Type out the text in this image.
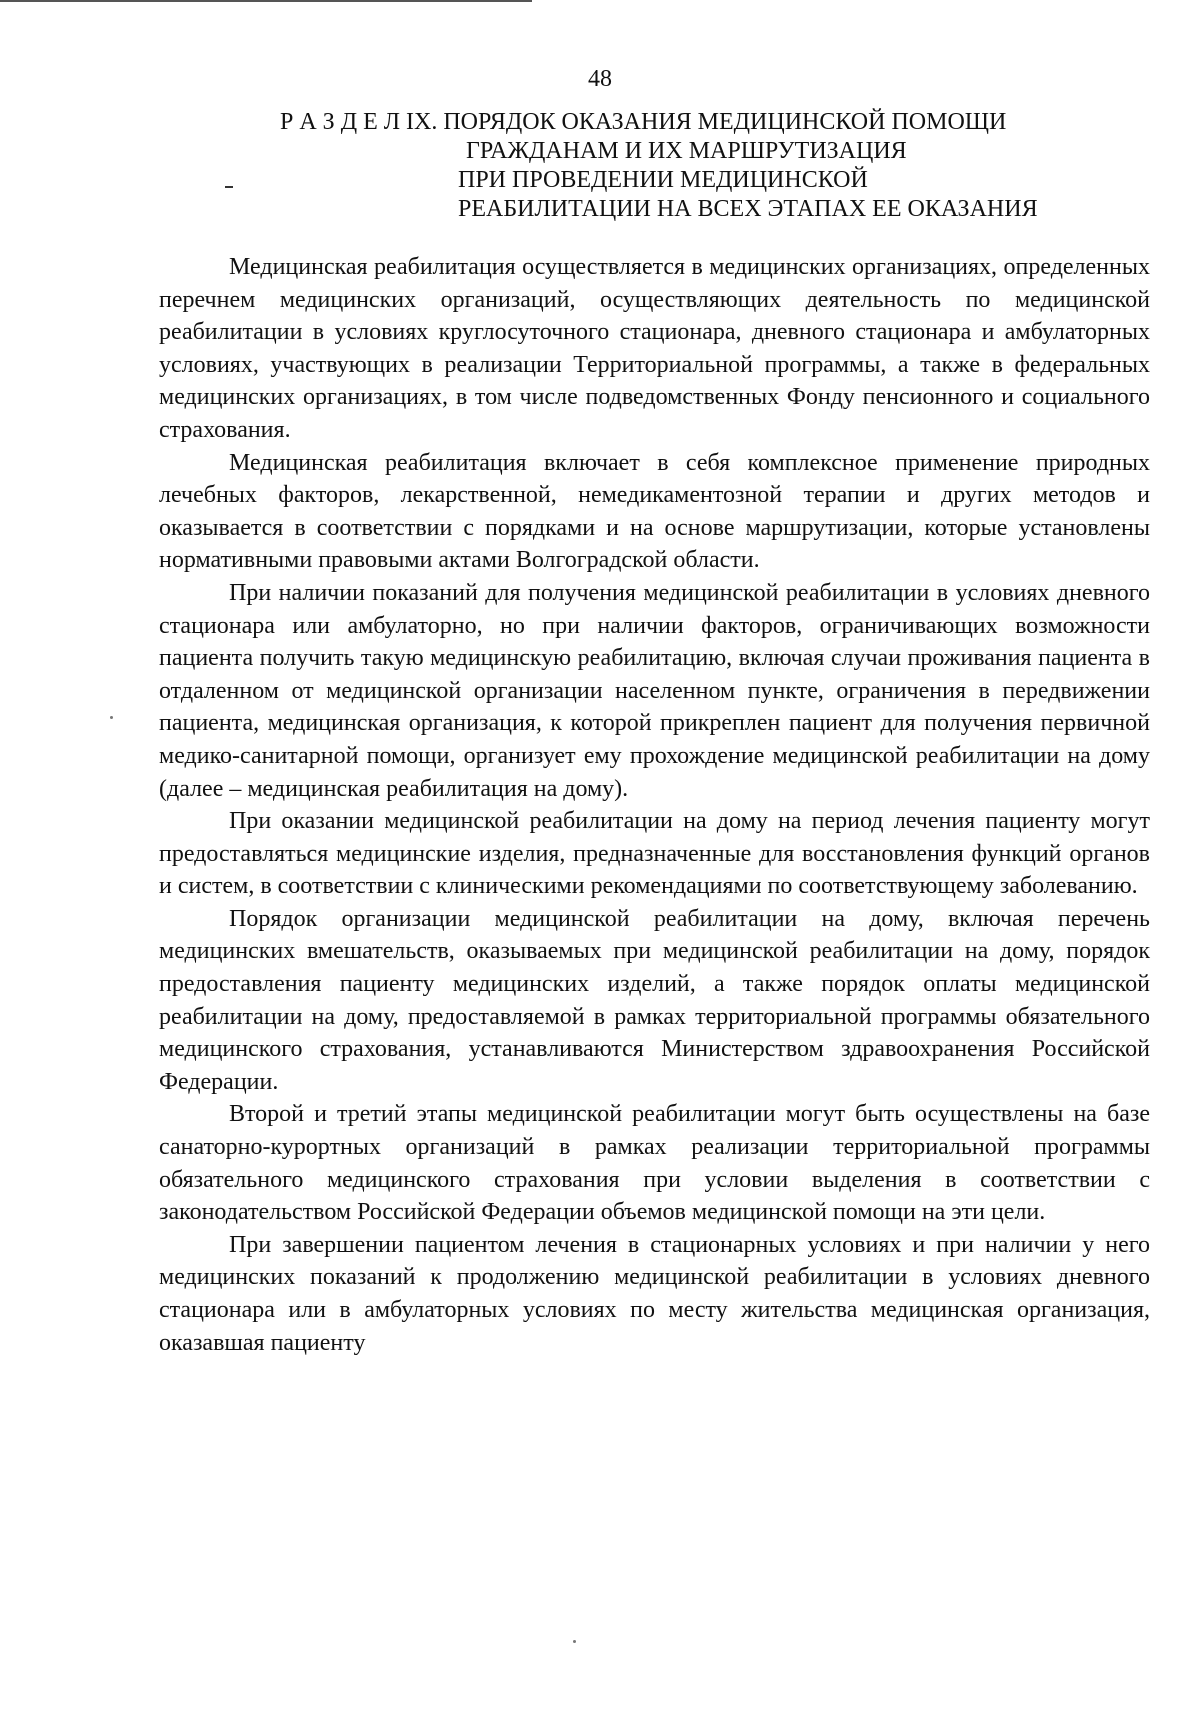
48
Р А З Д Е Л IX. ПОРЯДОК ОКАЗАНИЯ МЕДИЦИНСКОЙ ПОМОЩИ
ГРАЖДАНАМ И ИХ МАРШРУТИЗАЦИЯ
ПРИ ПРОВЕДЕНИИ МЕДИЦИНСКОЙ
РЕАБИЛИТАЦИИ НА ВСЕХ ЭТАПАХ ЕЕ ОКАЗАНИЯ

Медицинская реабилитация осуществляется в медицинских организациях, определенных перечнем медицинских организаций, осуществляющих деятельность по медицинской реабилитации в условиях круглосуточного стационара, дневного стационара и амбулаторных условиях, участвующих в реализации Территориальной программы, а также в федеральных медицинских организациях, в том числе подведомственных Фонду пенсионного и социального страхования.

Медицинская реабилитация включает в себя комплексное применение природных лечебных факторов, лекарственной, немедикаментозной терапии и других методов и оказывается в соответствии с порядками и на основе маршрутизации, которые установлены нормативными правовыми актами Волгоградской области.

При наличии показаний для получения медицинской реабилитации в условиях дневного стационара или амбулаторно, но при наличии факторов, ограничивающих возможности пациента получить такую медицинскую реабилитацию, включая случаи проживания пациента в отдаленном от медицинской организации населенном пункте, ограничения в передвижении пациента, медицинская организация, к которой прикреплен пациент для получения первичной медико-санитарной помощи, организует ему прохождение медицинской реабилитации на дому (далее – медицинская реабилитация на дому).

При оказании медицинской реабилитации на дому на период лечения пациенту могут предоставляться медицинские изделия, предназначенные для восстановления функций органов и систем, в соответствии с клиническими рекомендациями по соответствующему заболеванию.

Порядок организации медицинской реабилитации на дому, включая перечень медицинских вмешательств, оказываемых при медицинской реабилитации на дому, порядок предоставления пациенту медицинских изделий, а также порядок оплаты медицинской реабилитации на дому, предоставляемой в рамках территориальной программы обязательного медицинского страхования, устанавливаются Министерством здравоохранения Российской Федерации.

Второй и третий этапы медицинской реабилитации могут быть осуществлены на базе санаторно-курортных организаций в рамках реализации территориальной программы обязательного медицинского страхования при условии выделения в соответствии с законодательством Российской Федерации объемов медицинской помощи на эти цели.

При завершении пациентом лечения в стационарных условиях и при наличии у него медицинских показаний к продолжению медицинской реабилитации в условиях дневного стационара или в амбулаторных условиях по месту жительства медицинская организация, оказавшая пациенту
